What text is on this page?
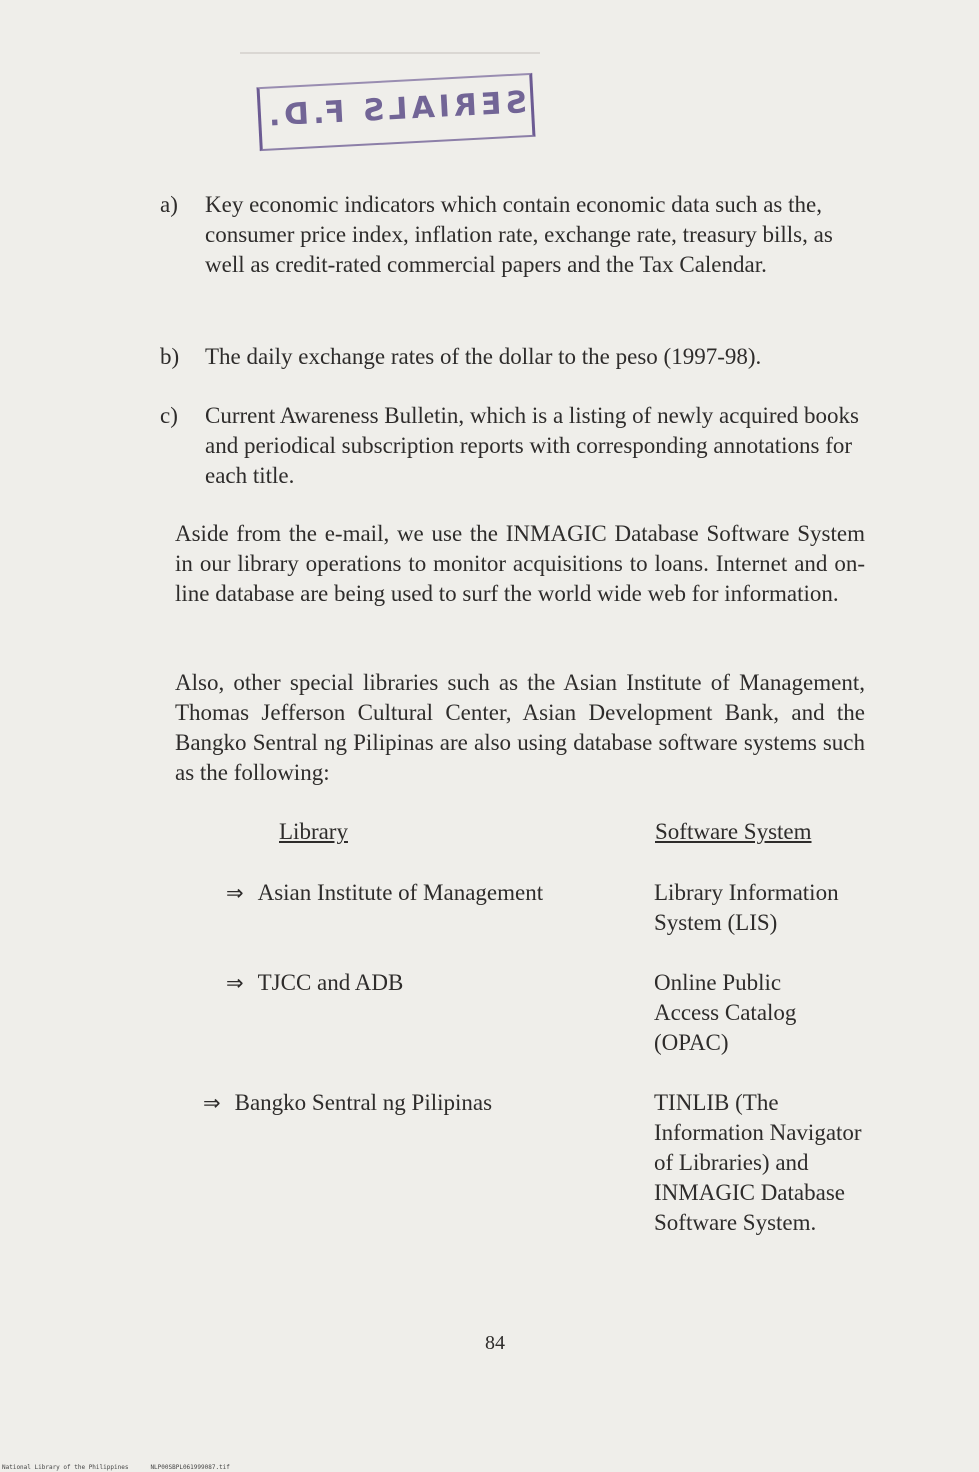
SERIALS F.D.
a) Key economic indicators which contain economic data such as the, consumer price index, inflation rate, exchange rate, treasury bills, as well as credit-rated commercial papers and the Tax Calendar.
b) The daily exchange rates of the dollar to the peso (1997-98).
c) Current Awareness Bulletin, which is a listing of newly acquired books and periodical subscription reports with corresponding annotations for each title.
Aside from the e-mail, we use the INMAGIC Database Software System in our library operations to monitor acquisitions to loans. Internet and on-line database are being used to surf the world wide web for information.
Also, other special libraries such as the Asian Institute of Management, Thomas Jefferson Cultural Center, Asian Development Bank, and the Bangko Sentral ng Pilipinas are also using database software systems such as the following:
Library	Software System
⇒ Asian Institute of Management	Library Information System (LIS)
⇒ TJCC and ADB	Online Public Access Catalog (OPAC)
⇒ Bangko Sentral ng Pilipinas	TINLIB (The Information Navigator of Libraries) and INMAGIC Database Software System.
84
National Library of the Philippines	NLP00SBPL061999087.tif
